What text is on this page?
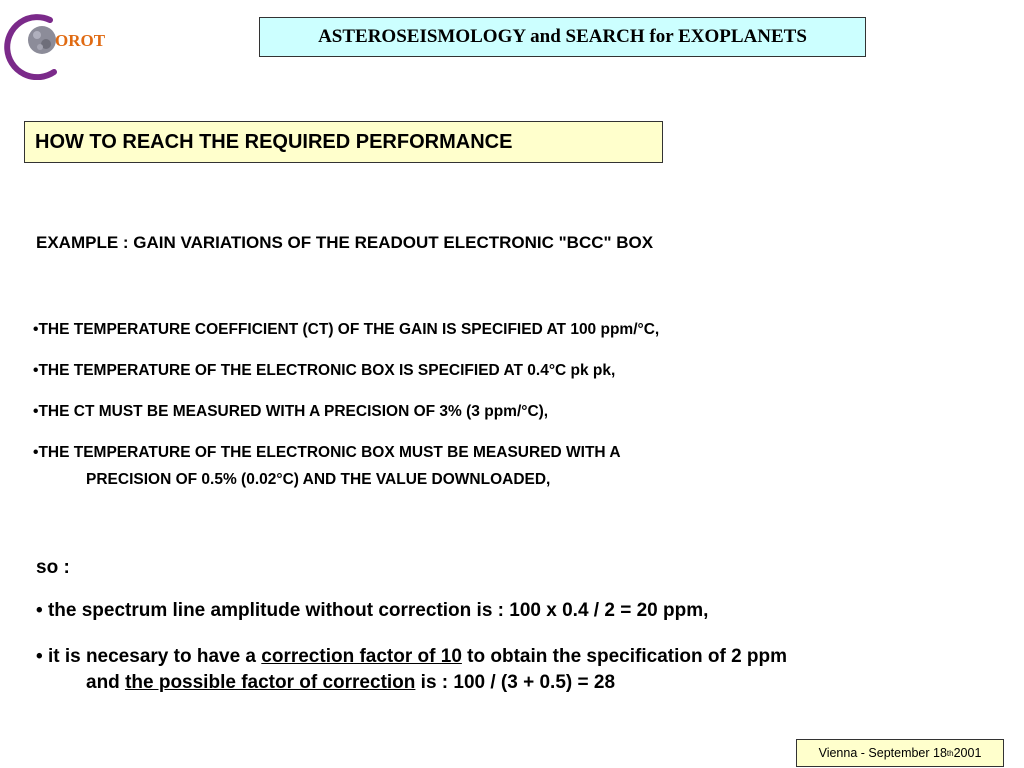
OROT	ASTEROSEISMOLOGY and SEARCH for EXOPLANETS
HOW TO REACH THE REQUIRED PERFORMANCE
EXAMPLE : GAIN VARIATIONS OF THE READOUT ELECTRONIC "BCC" BOX
•THE TEMPERATURE COEFFICIENT (CT) OF THE GAIN IS SPECIFIED AT 100 ppm/°C,
•THE TEMPERATURE OF THE ELECTRONIC BOX IS SPECIFIED AT 0.4°C pk pk,
•THE CT MUST BE MEASURED WITH A PRECISION OF 3% (3 ppm/°C),
•THE TEMPERATURE OF THE ELECTRONIC BOX MUST BE MEASURED WITH A
PRECISION OF 0.5% (0.02°C) AND THE VALUE DOWNLOADED,
so :
• the spectrum line amplitude without correction is : 100 x 0.4 / 2 = 20 ppm,
• it is necesary to have a correction factor of 10 to obtain the specification of 2 ppm
and the possible factor of correction is : 100 / (3 + 0.5) = 28
Vienna - September 18 th 2001
